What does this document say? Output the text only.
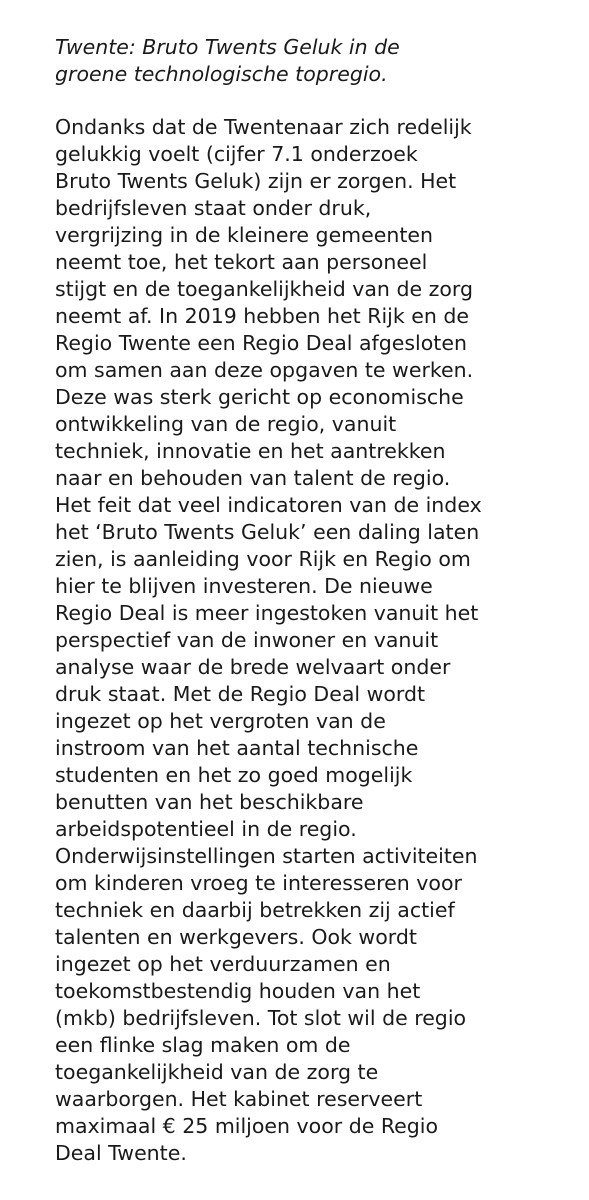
Twente: Bruto Twents Geluk in de
groene technologische topregio.
Ondanks dat de Twentenaar zich redelijk
gelukkig voelt (cijfer 7.1 onderzoek
Bruto Twents Geluk) zijn er zorgen. Het
bedrijfsleven staat onder druk,
vergrijzing in de kleinere gemeenten
neemt toe, het tekort aan personeel
stijgt en de toegankelijkheid van de zorg
neemt af. In 2019 hebben het Rijk en de
Regio Twente een Regio Deal afgesloten
om samen aan deze opgaven te werken.
Deze was sterk gericht op economische
ontwikkeling van de regio, vanuit
techniek, innovatie en het aantrekken
naar en behouden van talent de regio.
Het feit dat veel indicatoren van de index
het ‘Bruto Twents Geluk’ een daling laten
zien, is aanleiding voor Rijk en Regio om
hier te blijven investeren. De nieuwe
Regio Deal is meer ingestoken vanuit het
perspectief van de inwoner en vanuit
analyse waar de brede welvaart onder
druk staat. Met de Regio Deal wordt
ingezet op het vergroten van de
instroom van het aantal technische
studenten en het zo goed mogelijk
benutten van het beschikbare
arbeidspotentieel in de regio.
Onderwijsinstellingen starten activiteiten
om kinderen vroeg te interesseren voor
techniek en daarbij betrekken zij actief
talenten en werkgevers. Ook wordt
ingezet op het verduurzamen en
toekomstbestendig houden van het
(mkb) bedrijfsleven. Tot slot wil de regio
een flinke slag maken om de
toegankelijkheid van de zorg te
waarborgen. Het kabinet reserveert
maximaal € 25 miljoen voor de Regio
Deal Twente.
